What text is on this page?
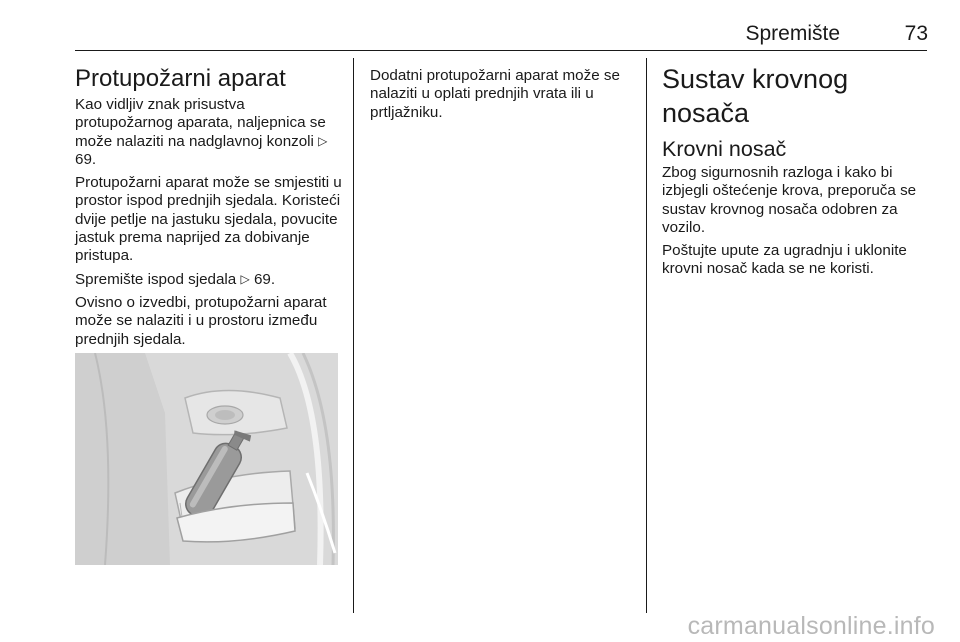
Spremište	73
Protupožarni aparat

Kao vidljiv znak prisustva protupožarnog aparata, naljepnica se može nalaziti na nadglavnoj konzoli ▷ 69.

Protupožarni aparat može se smjestiti u prostor ispod prednjih sjedala. Koristeći dvije petlje na jastuku sjedala, povucite jastuk prema naprijed za dobivanje pristupa.

Spremište ispod sjedala ▷ 69.

Ovisno o izvedbi, protupožarni aparat može se nalaziti i u prostoru između prednjih sjedala.

Dodatni protupožarni aparat može se nalaziti u oplati prednjih vrata ili u prtljažniku.

Sustav krovnog nosača
Krovni nosač

Zbog sigurnosnih razloga i kako bi izbjegli oštećenje krova, preporuča se sustav krovnog nosača odobren za vozilo.

Poštujte upute za ugradnju i uklonite krovni nosač kada se ne koristi.

carmanualsonline.info
